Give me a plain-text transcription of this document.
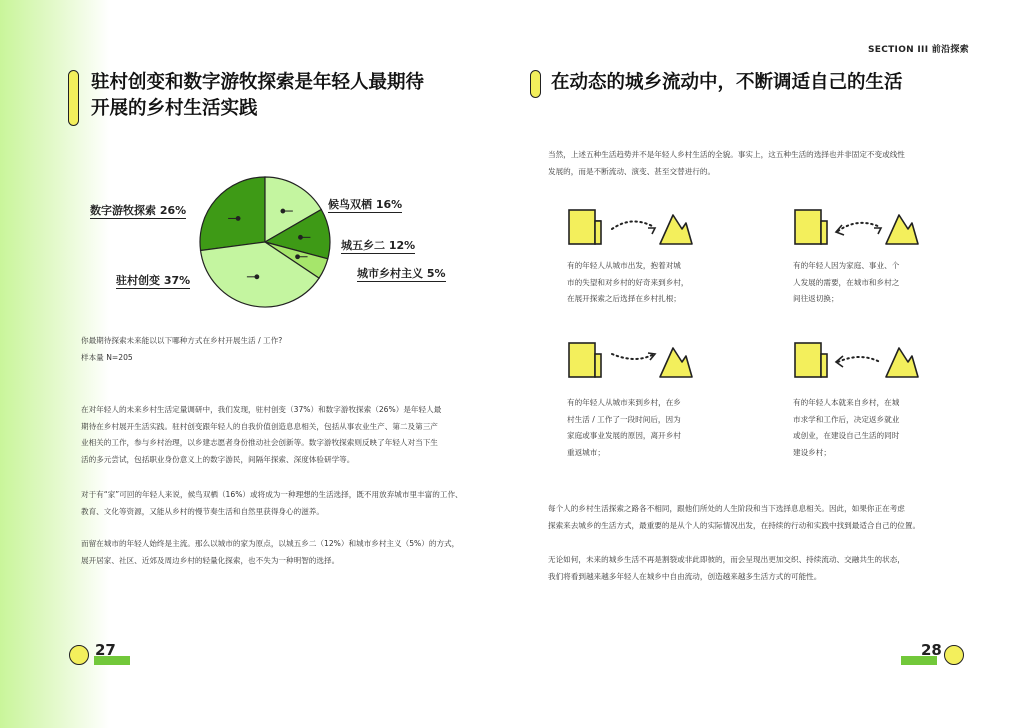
SECTION III 前沿探索
驻村创变和数字游牧探索是年轻人最期待
开展的乡村生活实践
数字游牧探索 26%	候鸟双栖 16%
城五乡二 12%
城市乡村主义 5%
驻村创变 37%
你最期待探索未来能以以下哪种方式在乡村开展生活 / 工作?
样本量 N=205
在对年轻人的未来乡村生活定量调研中，我们发现，驻村创变（37%）和数字游牧探索（26%）是年轻人最
期待在乡村展开生活实践。驻村创变跟年轻人的自我价值创造息息相关，包括从事农业生产、第二及第三产
业相关的工作，参与乡村治理，以乡建志愿者身份推动社会创新等。数字游牧探索则反映了年轻人对当下生
活的多元尝试，包括职业身份意义上的数字游民，间隔年探索、深度体验研学等。
对于有“家”可回的年轻人来说，候鸟双栖（16%）或将成为一种理想的生活选择，既不用放弃城市里丰富的工作、
教育、文化等资源，又能从乡村的慢节奏生活和自然里获得身心的滋养。
而留在城市的年轻人始终是主流。那么以城市的家为原点，以城五乡二（12%）和城市乡村主义（5%）的方式，
展开居家、社区、近郊及周边乡村的轻量化探索，也不失为一种明智的选择。
27
在动态的城乡流动中，不断调适自己的生活
当然，上述五种生活趋势并不是年轻人乡村生活的全貌。事实上，这五种生活的选择也并非固定不变或线性
发展的，而是不断流动、演变、甚至交替进行的。
有的年轻人从城市出发，抱着对城
市的失望和对乡村的好奇来到乡村，
在展开探索之后选择在乡村扎根；
有的年轻人因为家庭、事业、个
人发展的需要，在城市和乡村之
间往返切换；
有的年轻人从城市来到乡村，在乡
村生活 / 工作了一段时间后，因为
家庭或事业发展的原因，离开乡村
重返城市；
有的年轻人本就来自乡村，在城
市求学和工作后，决定返乡就业
或创业，在建设自己生活的同时
建设乡村；
每个人的乡村生活探索之路各不相同，跟他们所处的人生阶段和当下选择息息相关。因此，如果你正在考虑
探索来去城乡的生活方式，最重要的是从个人的实际情况出发，在持续的行动和实践中找到最适合自己的位置。
无论如何，未来的城乡生活不再是割裂或非此即彼的，而会呈现出更加交织、持续流动、交融共生的状态，
我们将看到越来越多年轻人在城乡中自由流动，创造越来越多生活方式的可能性。
28
